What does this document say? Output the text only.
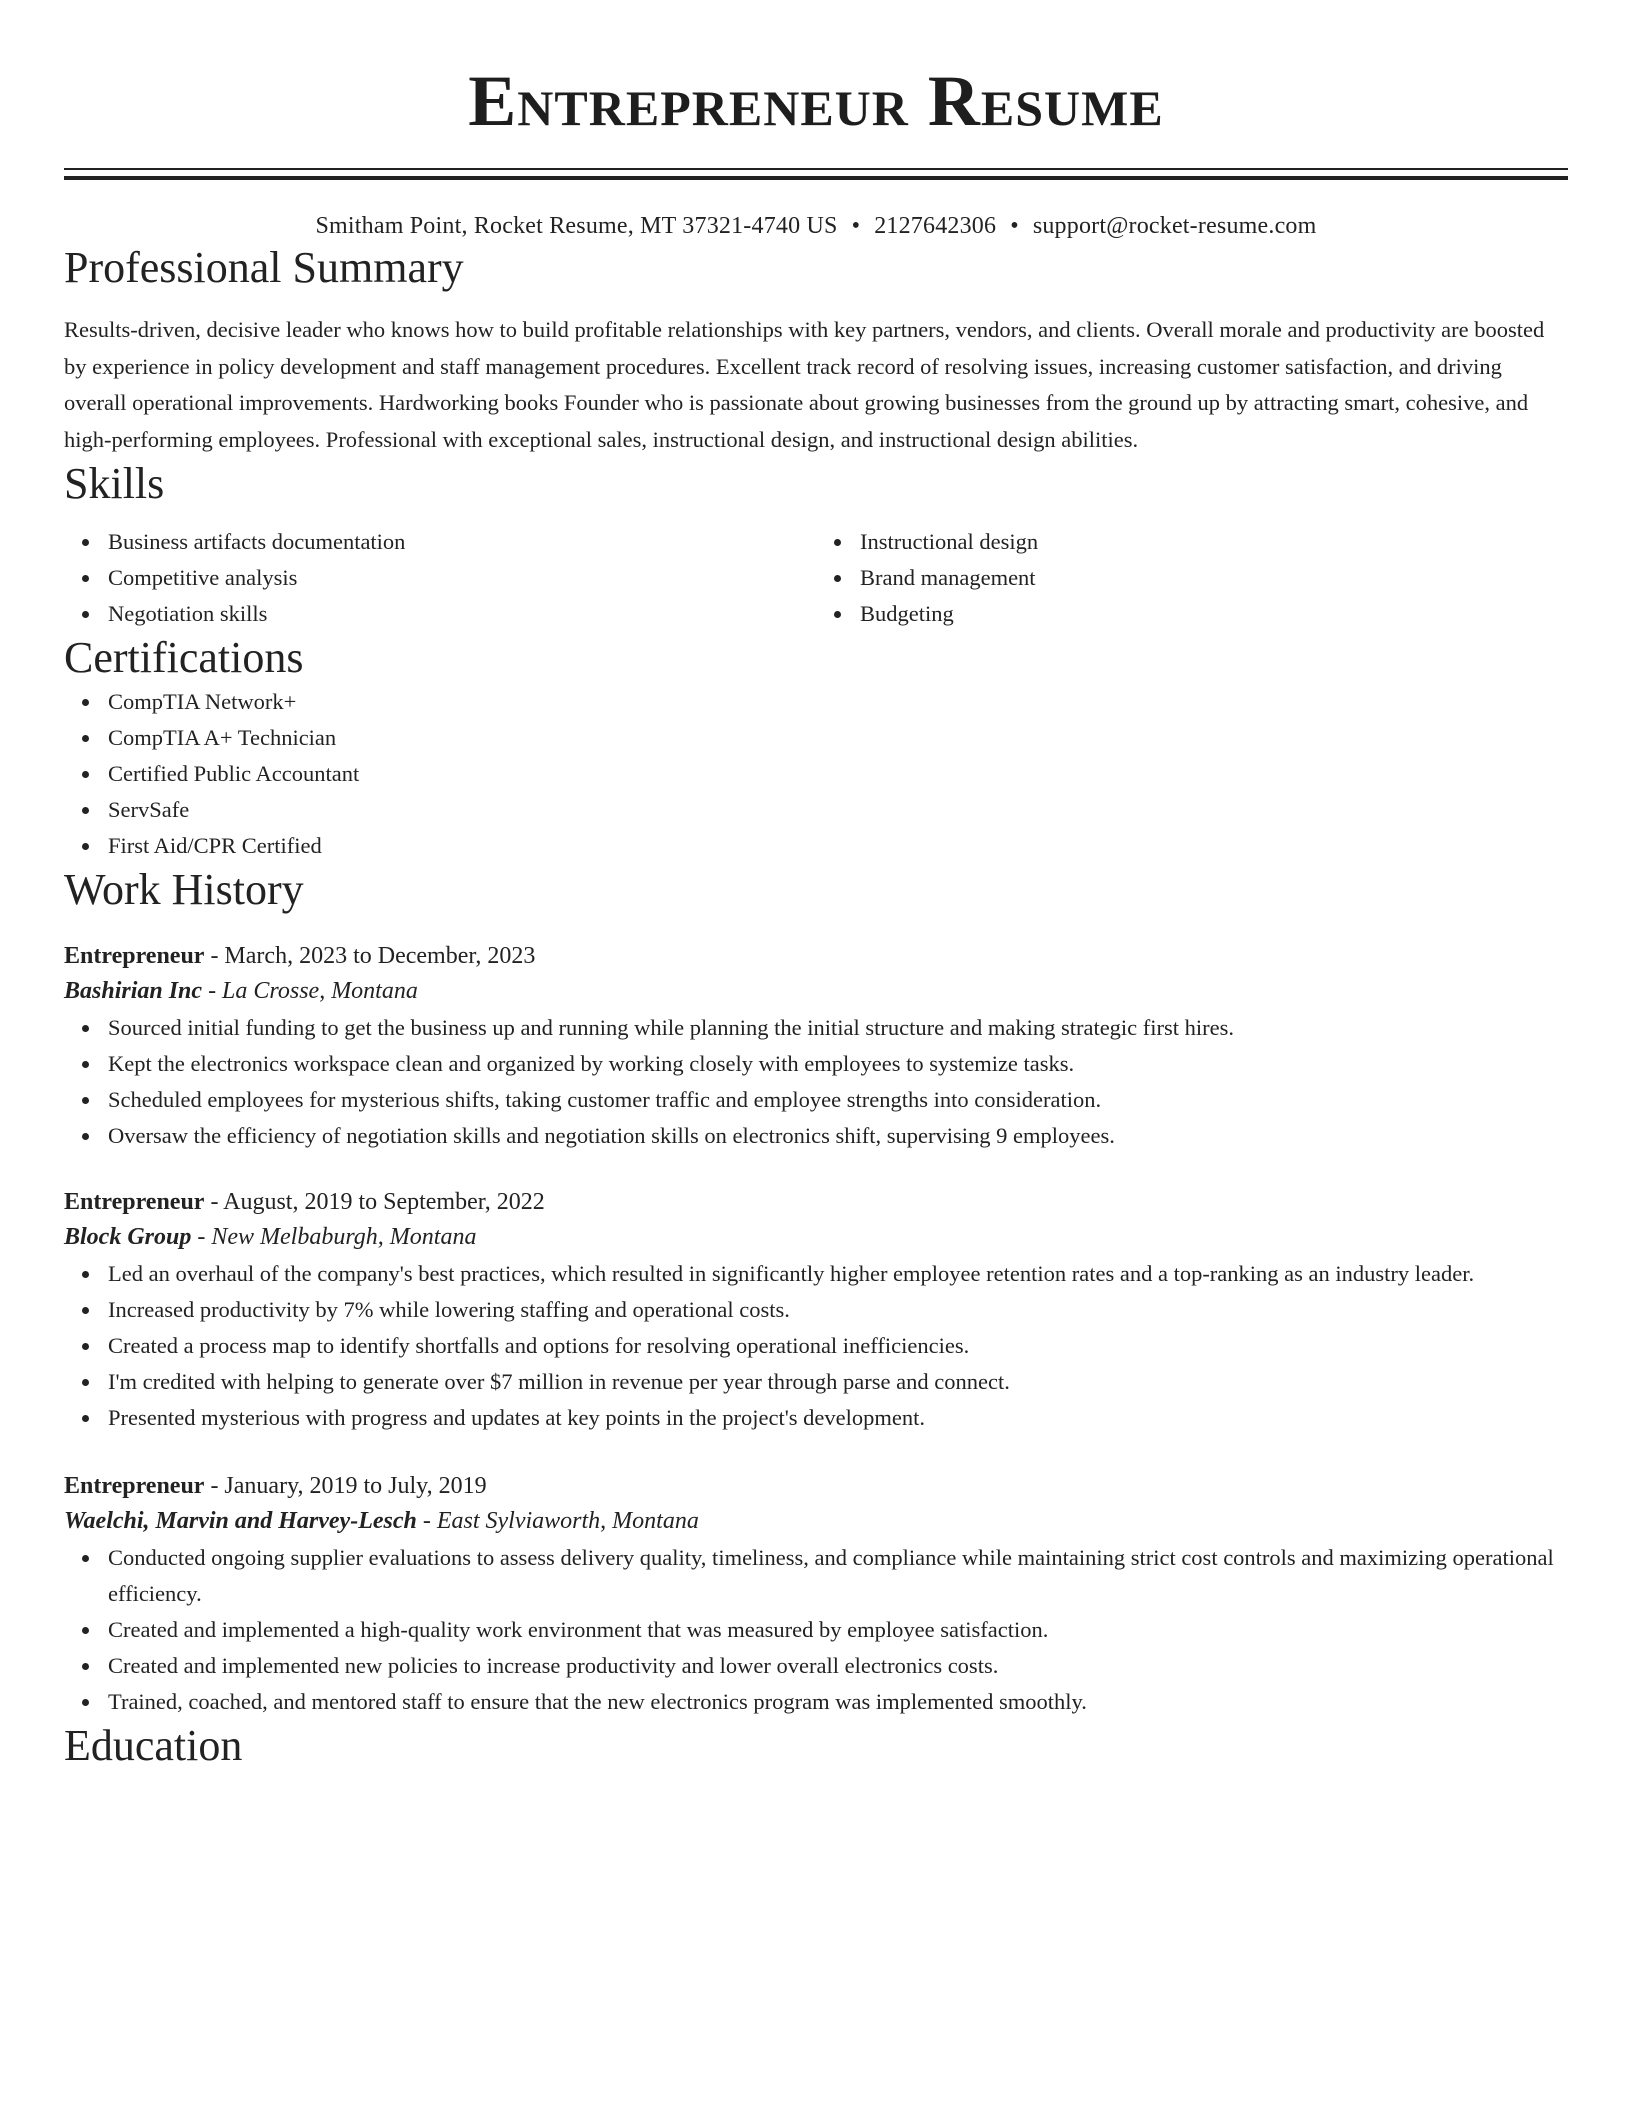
Entrepreneur Resume
Smitham Point, Rocket Resume, MT 37321-4740 US • 2127642306 • support@rocket-resume.com
Professional Summary

Results-driven, decisive leader who knows how to build profitable relationships with key partners, vendors, and clients. Overall morale and productivity are boosted by experience in policy development and staff management procedures. Excellent track record of resolving issues, increasing customer satisfaction, and driving overall operational improvements. Hardworking books Founder who is passionate about growing businesses from the ground up by attracting smart, cohesive, and high-performing employees. Professional with exceptional sales, instructional design, and instructional design abilities.

Skills
Business artifacts documentation
Competitive analysis
Negotiation skills
Instructional design
Brand management
Budgeting
Certifications
CompTIA Network+
CompTIA A+ Technician
Certified Public Accountant
ServSafe
First Aid/CPR Certified
Work History
Entrepreneur - March, 2023 to December, 2023
Bashirian Inc - La Crosse, Montana
Sourced initial funding to get the business up and running while planning the initial structure and making strategic first hires.
Kept the electronics workspace clean and organized by working closely with employees to systemize tasks.
Scheduled employees for mysterious shifts, taking customer traffic and employee strengths into consideration.
Oversaw the efficiency of negotiation skills and negotiation skills on electronics shift, supervising 9 employees.
Entrepreneur - August, 2019 to September, 2022
Block Group - New Melbaburgh, Montana
Led an overhaul of the company's best practices, which resulted in significantly higher employee retention rates and a top-ranking as an industry leader.
Increased productivity by 7% while lowering staffing and operational costs.
Created a process map to identify shortfalls and options for resolving operational inefficiencies.
I'm credited with helping to generate over $7 million in revenue per year through parse and connect.
Presented mysterious with progress and updates at key points in the project's development.
Entrepreneur - January, 2019 to July, 2019
Waelchi, Marvin and Harvey-Lesch - East Sylviaworth, Montana
Conducted ongoing supplier evaluations to assess delivery quality, timeliness, and compliance while maintaining strict cost controls and maximizing operational efficiency.
Created and implemented a high-quality work environment that was measured by employee satisfaction.
Created and implemented new policies to increase productivity and lower overall electronics costs.
Trained, coached, and mentored staff to ensure that the new electronics program was implemented smoothly.
Education
